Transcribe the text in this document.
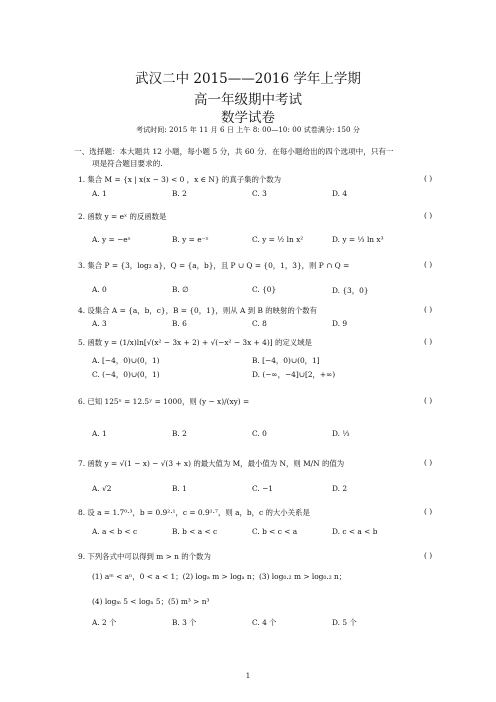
武汉二中 2015——2016 学年上学期
高一年级期中考试
数学试卷
考试时间: 2015 年 11 月 6 日 上午 8: 00—10: 00 试卷满分: 150 分
一、选择题：本大题共 12 小题，每小题 5 分，共 60 分．在每小题给出的四个选项中，只有一
项是符合题目要求的.
1. 集合 M = {x | x(x − 3) < 0 ，x ∈ N} 的真子集的个数为	( )
A. 1	B. 2	C. 3	D. 4
2. 函数 y = eˣ 的反函数是	( )
A. y = −eˣ	B. y = e⁻ˣ	C. y = ½ ln x²	D. y = ⅓ ln x³
3. 集合 P = {3，log₂ a}，Q = {a，b}，且 P ∪ Q = {0，1，3}，则 P ∩ Q =	( )
A. 0	B. ∅	C. {0}	D. {3，0}
4. 设集合 A = {a，b，c}，B = {0，1}，则从 A 到 B 的映射的个数有	( )
A. 3	B. 6	C. 8	D. 9
5. 函数 y = (1/x)ln[√(x² − 3x + 2) + √(−x² − 3x + 4)] 的定义域是	( )
A. [−4，0)∪(0，1)	B. [−4，0)∪(0，1]
C. (−4，0)∪(0，1)	D. (−∞，−4]∪[2，+∞)
6. 已知 125ˣ = 12.5ʸ = 1000，则 (y − x)/(xy) =	( )
A. 1	B. 2	C. 0	D. ⅓
7. 函数 y = √(1 − x) − √(3 + x) 的最大值为 M，最小值为 N，则 M/N 的值为	( )
A. √2	B. 1	C. −1	D. 2
8. 设 a = 1.7⁰·³，b = 0.9²·¹，c = 0.9¹·⁷，则 a，b，c 的大小关系是	( )
A. a < b < c	B. b < a < c	C. b < c < a	D. c < a < b
9. 下列各式中可以得到 m > n 的个数为	( )
(1) aᵐ < aⁿ，0 < a < 1；(2) logₐ m > logₐ n；(3) log₀.₂ m > log₀.₂ n；
(4) logₘ 5 < logₙ 5；(5) m³ > n³
A. 2 个	B. 3 个	C. 4 个	D. 5 个
1
